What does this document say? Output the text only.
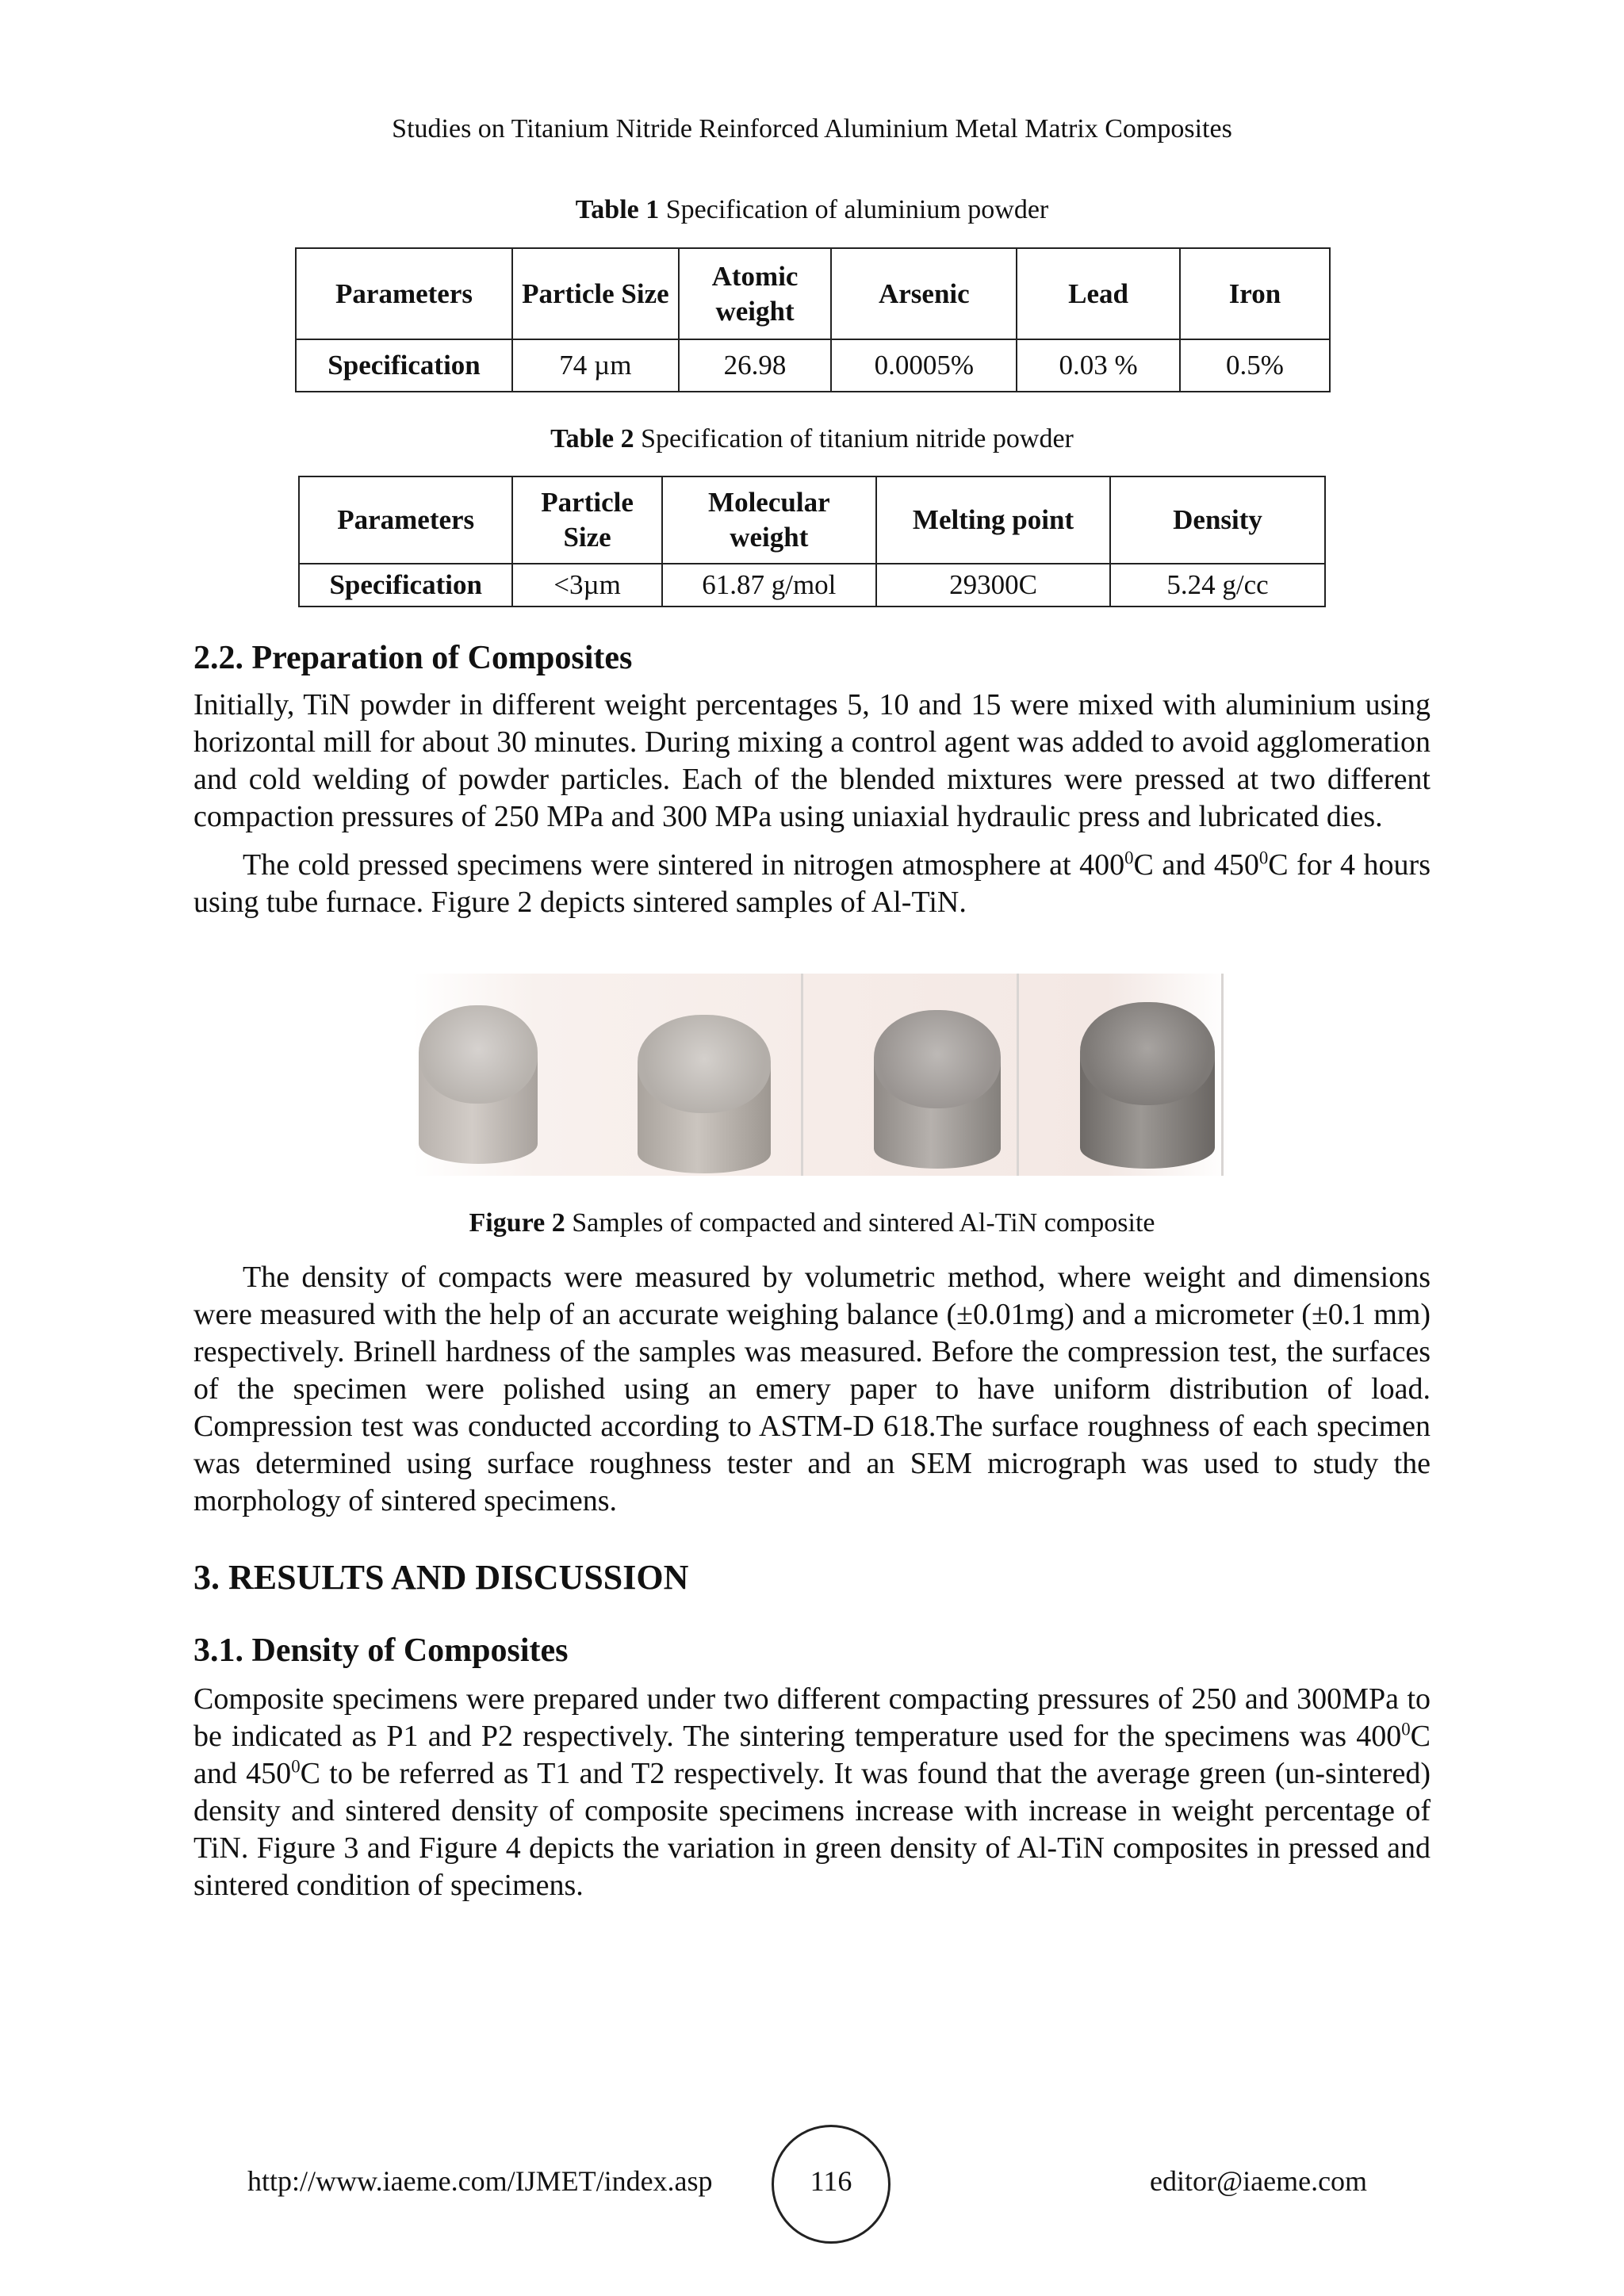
Studies on Titanium Nitride Reinforced Aluminium Metal Matrix Composites
Table 1 Specification of aluminium powder
Parameters	Particle Size	Atomic weight	Arsenic	Lead	Iron
Specification	74 µm	26.98	0.0005%	0.03 %	0.5%
Table 2 Specification of titanium nitride powder
Parameters	Particle Size	Molecular weight	Melting point	Density
Specification	<3µm	61.87 g/mol	29300C	5.24 g/cc
2.2. Preparation of Composites

Initially, TiN powder in different weight percentages 5, 10 and 15 were mixed with aluminium using horizontal mill for about 30 minutes. During mixing a control agent was added to avoid agglomeration and cold welding of powder particles. Each of the blended mixtures were pressed at two different compaction pressures of 250 MPa and 300 MPa using uniaxial hydraulic press and lubricated dies.

The cold pressed specimens were sintered in nitrogen atmosphere at $400^0C$ and $450^0C$ for 4 hours using tube furnace. Figure 2 depicts sintered samples of Al-TiN.

Figure 2 Samples of compacted and sintered Al-TiN composite

The density of compacts were measured by volumetric method, where weight and dimensions were measured with the help of an accurate weighing balance (±0.01mg) and a micrometer (±0.1 mm) respectively. Brinell hardness of the samples was measured. Before the compression test, the surfaces of the specimen were polished using an emery paper to have uniform distribution of load. Compression test was conducted according to ASTM-D 618.The surface roughness of each specimen was determined using surface roughness tester and an SEM micrograph was used to study the morphology of sintered specimens.

3. RESULTS AND DISCUSSION
3.1. Density of Composites

Composite specimens were prepared under two different compacting pressures of 250 and 300MPa to be indicated as P1 and P2 respectively. The sintering temperature used for the specimens was $400^0C$ and $450^0C$ to be referred as T1 and T2 respectively. It was found that the average green (un-sintered) density and sintered density of composite specimens increase with increase in weight percentage of TiN. Figure 3 and Figure 4 depicts the variation in green density of Al-TiN composites in pressed and sintered condition of specimens.

http://www.iaeme.com/IJMET/index.asp	116	editor@iaeme.com
